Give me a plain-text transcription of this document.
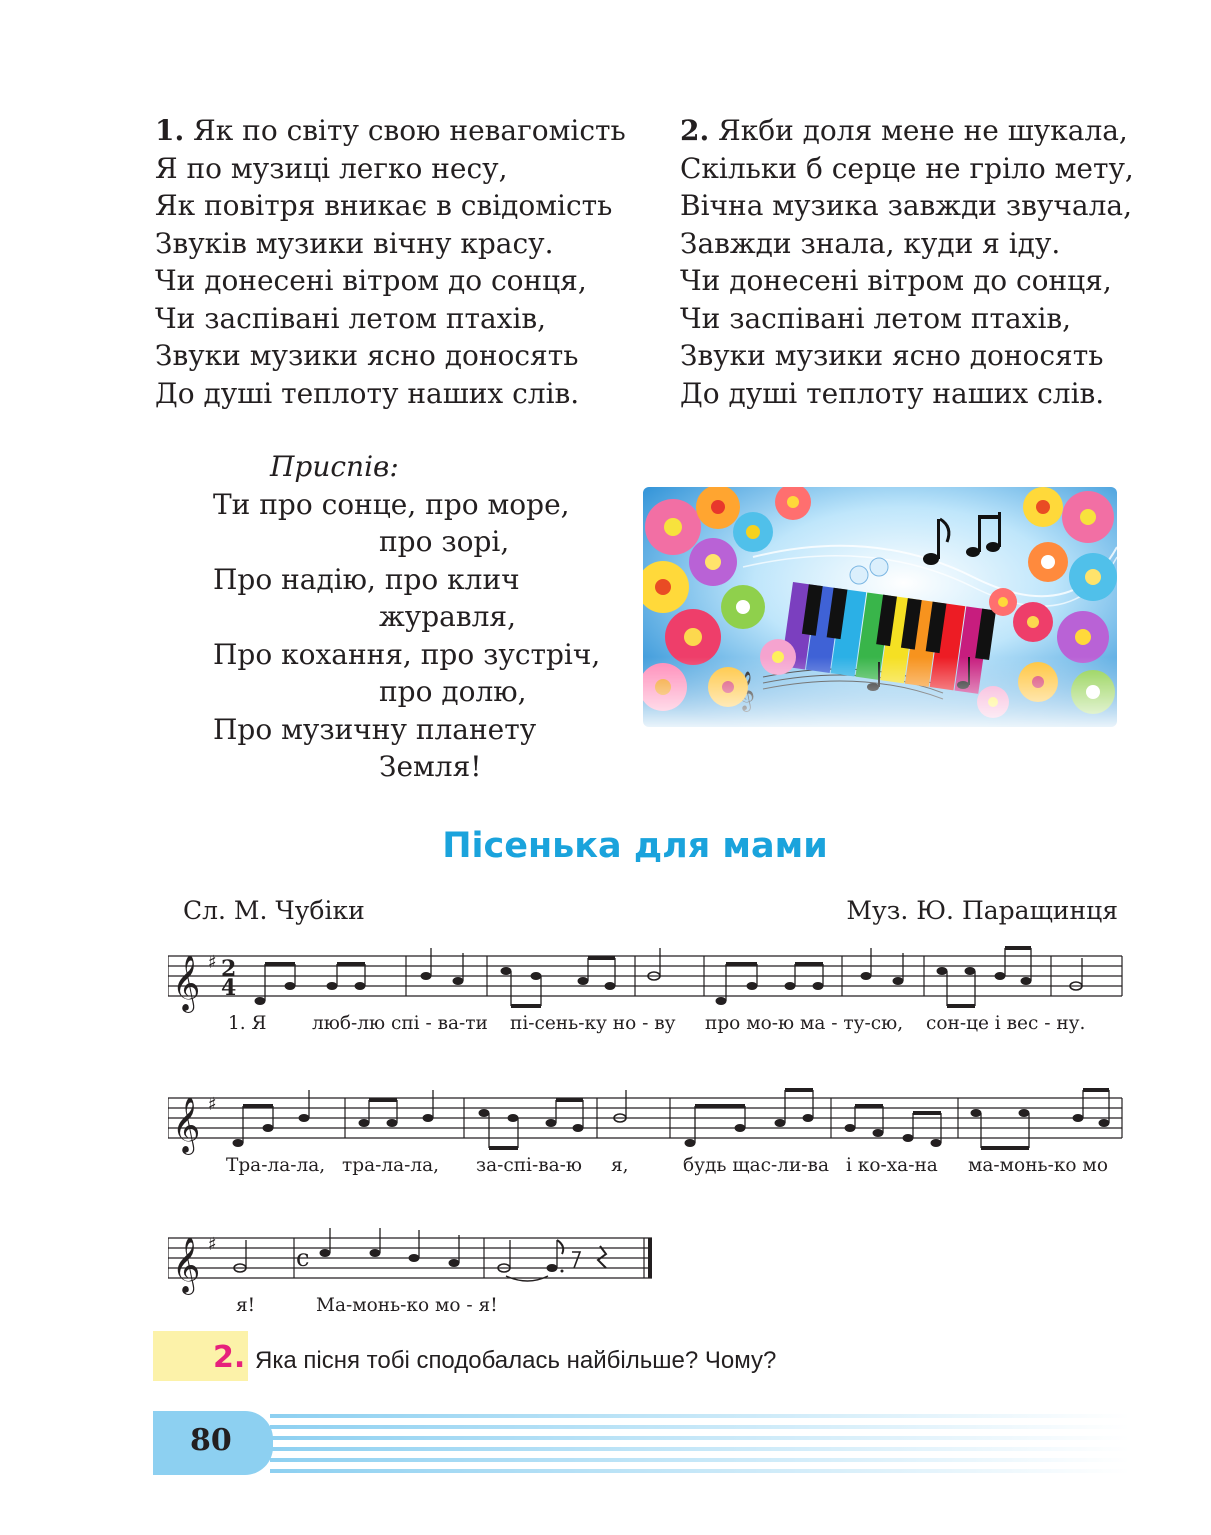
1. Як по світу свою невагомість
Я по музиці легко несу,
Як повітря вникає в свідомість
Звуків музики вічну красу.
Чи донесені вітром до сонця,
Чи заспівані летом птахів,
Звуки музики ясно доносять
До душі теплоту наших слів.
2. Якби доля мене не шукала,
Скільки б серце не гріло мету,
Вічна музика завжди звучала,
Завжди знала, куди я іду.
Чи донесені вітром до сонця,
Чи заспівані летом птахів,
Звуки музики ясно доносять
До душі теплоту наших слів.
Приспів:
Ти про сонце, про море,
про зорі,
Про надію, про клич
журавля,
Про кохання, про зустріч,
про долю,
Про музичну планету
Земля!
Пісенька для мами
Сл. М. Чубіки	Муз. Ю. Паращинця
𝄞 ♯ 2
4
1. Я люб-лю спі - ва-ти пі-сень-ку но - ву про мо-ю ма - ту-сю, сон-це і вес - ну.
𝄞 ♯
Тра-ла-ла, тра-ла-ла, за-спі-ва-ю я,	будь щас-ли-ва і ко-ха-на ма-монь-ко мо
𝄞 ♯	c
я!	Ма-монь-ко мо - я!
2. Яка пісня тобі сподобалась найбільше? Чому?
80
